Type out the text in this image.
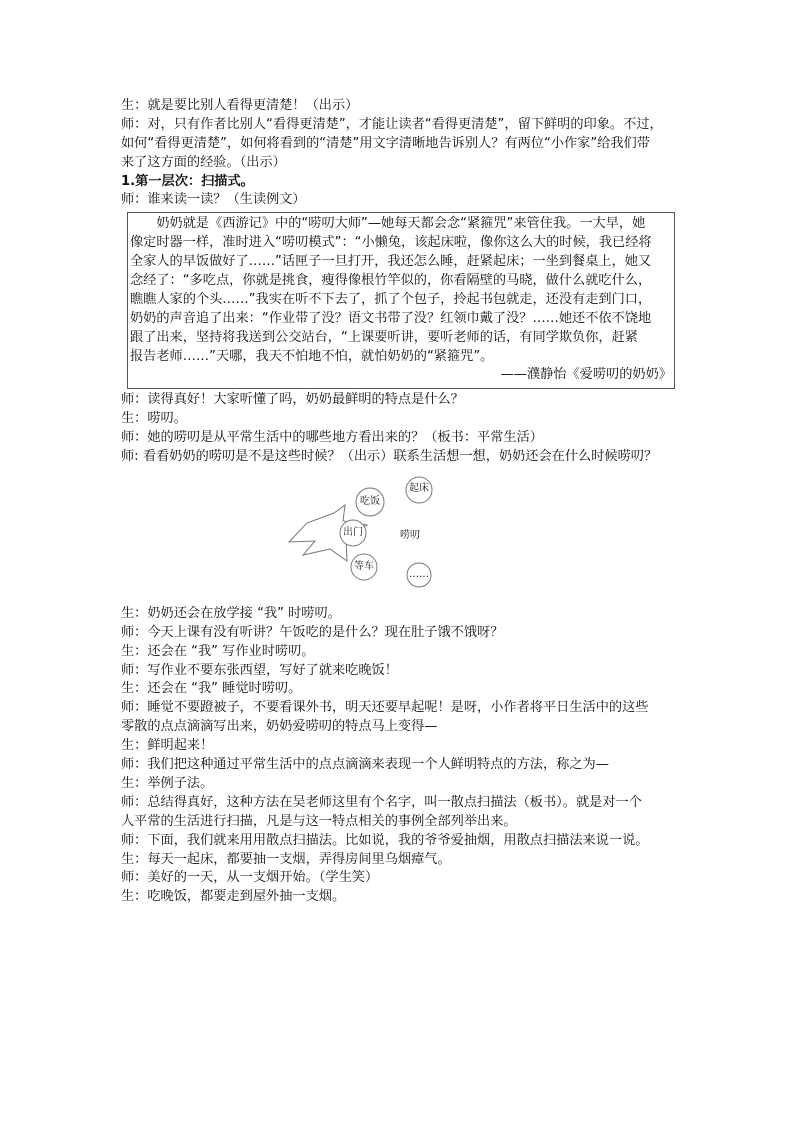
生：就是要比别人看得更清楚！（出示）
师：对，只有作者比别人“看得更清楚”，才能让读者“看得更清楚”，留下鲜明的印象。不过，
如何“看得更清楚”，如何将看到的“清楚”用文字清晰地告诉别人？有两位“小作家”给我们带
来了这方面的经验。（出示）
1.第一层次：扫描式。
师：谁来读一读？（生读例文）
　　奶奶就是《西游记》中的“唠叨大师”—她每天都会念“紧箍咒”来管住我。一大早，她
像定时器一样，准时进入“唠叨模式”：“小懒兔，该起床啦，像你这么大的时候，我已经将
全家人的早饭做好了……”话匣子一旦打开，我还怎么睡，赶紧起床；一坐到餐桌上，她又
念经了：“多吃点，你就是挑食，瘦得像根竹竿似的，你看隔壁的马晓，做什么就吃什么，
瞧瞧人家的个头……”我实在听不下去了，抓了个包子，拎起书包就走，还没有走到门口，
奶奶的声音追了出来：“作业带了没？语文书带了没？红领巾戴了没？……她还不依不饶地
跟了出来，坚持将我送到公交站台，“上课要听讲，要听老师的话，有同学欺负你，赶紧
报告老师……”天哪，我天不怕地不怕，就怕奶奶的“紧箍咒”。
——濮静怡《爱唠叨的奶奶》
师：读得真好！大家听懂了吗，奶奶最鲜明的特点是什么？
生：唠叨。
师：她的唠叨是从平常生活中的哪些地方看出来的？（板书：平常生活）
师: 看看奶奶的唠叨是不是这些时候？（出示）联系生活想一想，奶奶还会在什么时候唠叨？
唠叨
起床
吃饭
出门
等车
……
生：奶奶还会在放学接 “我” 时唠叨。
师：今天上课有没有听讲？午饭吃的是什么？现在肚子饿不饿呀？
生：还会在 “我” 写作业时唠叨。
师：写作业不要东张西望，写好了就来吃晚饭！
生：还会在 “我” 睡觉时唠叨。
师：睡觉不要蹬被子，不要看课外书，明天还要早起呢！是呀，小作者将平日生活中的这些
零散的点点滴滴写出来，奶奶爱唠叨的特点马上变得—
生：鲜明起来！
师：我们把这种通过平常生活中的点点滴滴来表现一个人鲜明特点的方法，称之为—
生：举例子法。
师：总结得真好，这种方法在吴老师这里有个名字，叫一散点扫描法（板书）。就是对一个
人平常的生活进行扫描，凡是与这一特点相关的事例全部列举出来。
师：下面，我们就来用用散点扫描法。比如说，我的爷爷爱抽烟，用散点扫描法来说一说。
生：每天一起床，都要抽一支烟，弄得房间里乌烟瘴气。
师：美好的一天，从一支烟开始。（学生笑）
生：吃晚饭，都要走到屋外抽一支烟。
